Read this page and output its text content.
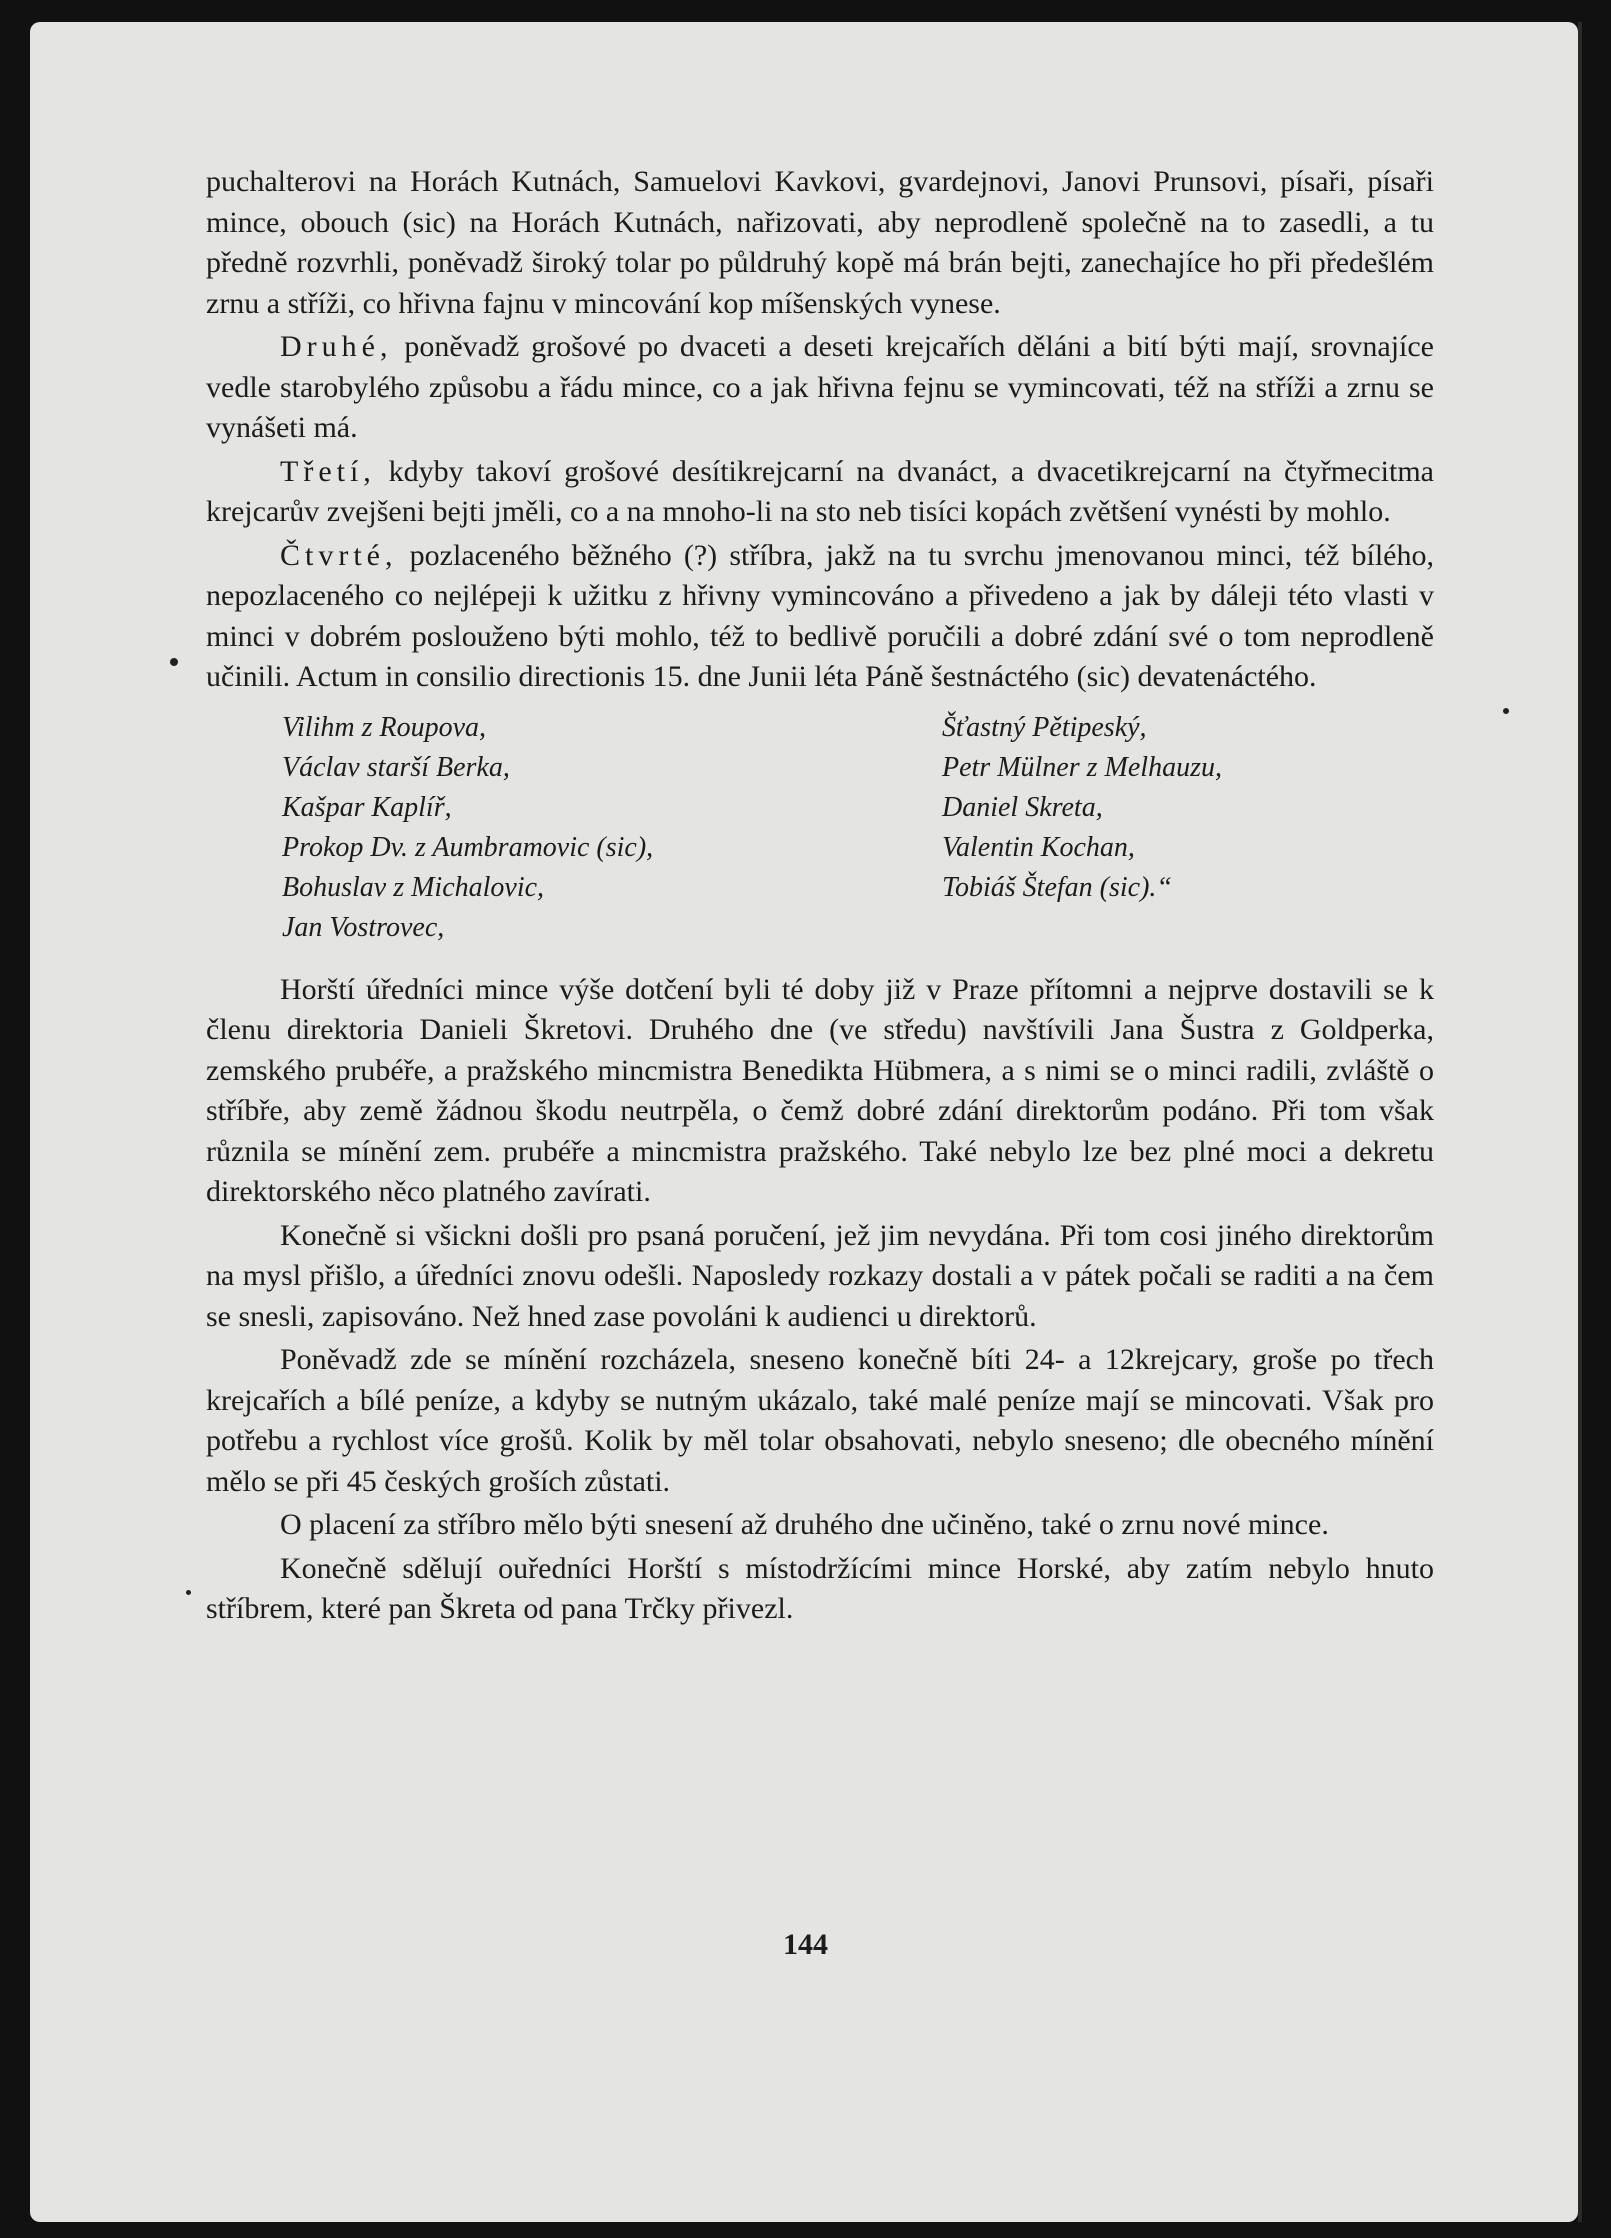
puchalterovi na Horách Kutnách, Samuelovi Kavkovi, gvardejnovi, Janovi Prunsovi, písaři, písaři mince, obouch (sic) na Horách Kutnách, nařizovati, aby neprodleně společně na to zasedli, a tu předně rozvrhli, poněvadž široký tolar po půldruhý kopě má brán bejti, zanechajíce ho při předešlém zrnu a stříži, co hřivna fajnu v mincování kop míšenských vynese.

Druhé, poněvadž grošové po dvaceti a deseti krejcařích děláni a bití býti mají, srovnajíce vedle starobylého způsobu a řádu mince, co a jak hřivna fejnu se vymincovati, též na stříži a zrnu se vynášeti má.

Třetí, kdyby takoví grošové desítikrejcarní na dvanáct, a dvacetikrejcarní na čtyřmecitma krejcarův zvejšeni bejti jměli, co a na mnoho-li na sto neb tisíci kopách zvětšení vynésti by mohlo.

Čtvrté, pozlaceného běžného (?) stříbra, jakž na tu svrchu jmenovanou minci, též bílého, nepozlaceného co nejlépeji k užitku z hřivny vymincováno a přivedeno a jak by dáleji této vlasti v minci v dobrém poslouženo býti mohlo, též to bedlivě poručili a dobré zdání své o tom neprodleně učinili. Actum in consilio directionis 15. dne Junii léta Páně šestnáctého (sic) devatenáctého.

Vilihm z Roupova,
Václav starší Berka,
Kašpar Kaplíř,
Prokop Dv. z Aumbramovic (sic),
Bohuslav z Michalovic,
Jan Vostrovec,
Šťastný Pětipeský,
Petr Mülner z Melhauzu,
Daniel Skreta,
Valentin Kochan,
Tobiáš Štefan (sic).“

Horští úředníci mince výše dotčení byli té doby již v Praze přítomni a nejprve dostavili se k členu direktoria Danieli Škretovi. Druhého dne (ve středu) navštívili Jana Šustra z Goldperka, zemského prubéře, a pražského mincmistra Benedikta Hübmera, a s nimi se o minci radili, zvláště o stříbře, aby země žádnou škodu neutrpěla, o čemž dobré zdání direktorům podáno. Při tom však různila se mínění zem. prubéře a mincmistra pražského. Také nebylo lze bez plné moci a dekretu direktorského něco platného zavírati.

Konečně si všickni došli pro psaná poručení, jež jim nevydána. Při tom cosi jiného direktorům na mysl přišlo, a úředníci znovu odešli. Naposledy rozkazy dostali a v pátek počali se raditi a na čem se snesli, zapisováno. Než hned zase povoláni k audienci u direktorů.

Poněvadž zde se mínění rozcházela, sneseno konečně bíti 24- a 12krejcary, groše po třech krejcařích a bílé peníze, a kdyby se nutným ukázalo, také malé peníze mají se mincovati. Však pro potřebu a rychlost více grošů. Kolik by měl tolar obsahovati, nebylo sneseno; dle obecného mínění mělo se při 45 českých groších zůstati.

O placení za stříbro mělo býti snesení až druhého dne učiněno, také o zrnu nové mince.

Konečně sdělují ouředníci Horští s místodržícími mince Horské, aby zatím nebylo hnuto stříbrem, které pan Škreta od pana Trčky přivezl.

144
